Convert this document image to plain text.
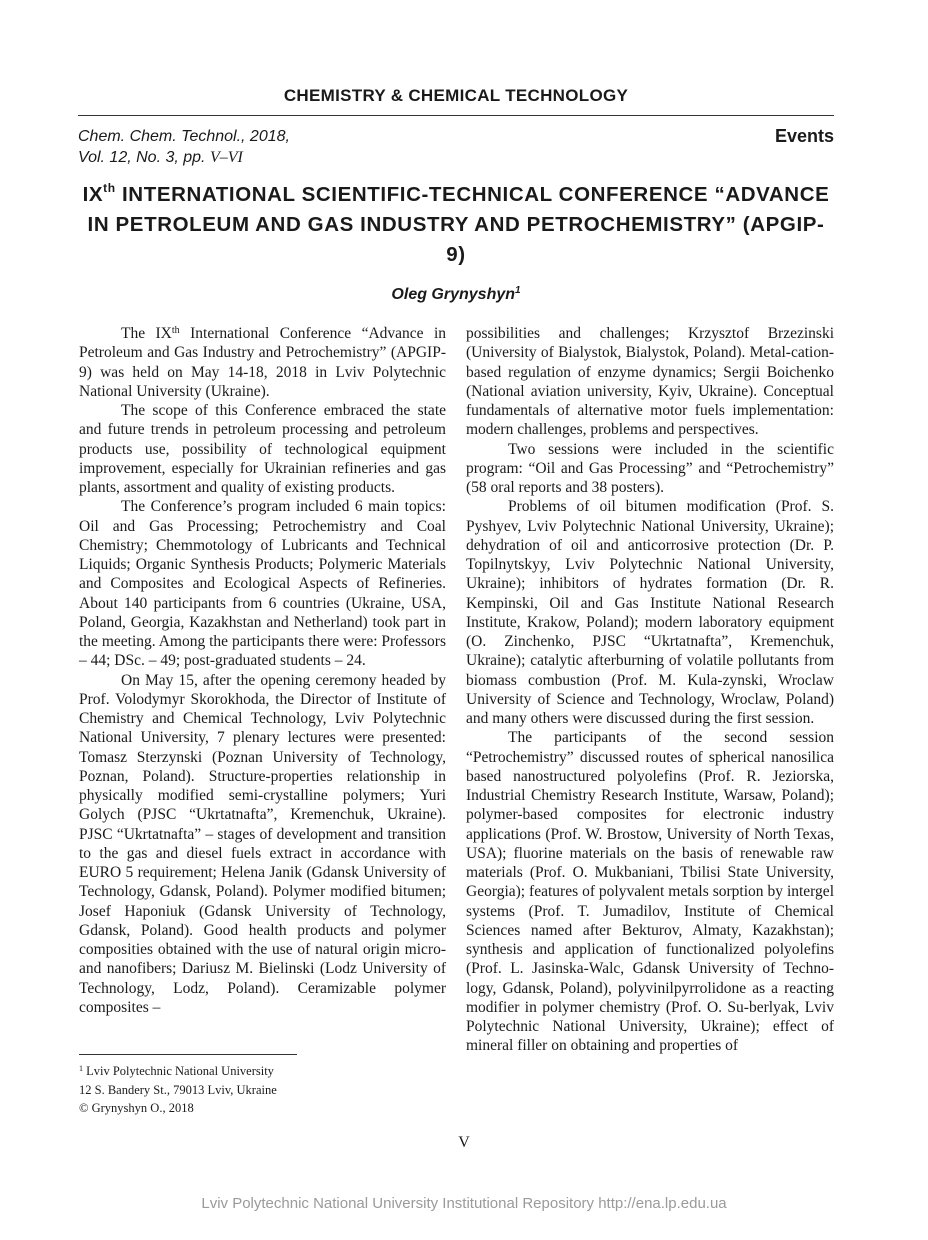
CHEMISTRY & CHEMICAL TECHNOLOGY
Chem. Chem. Technol., 2018,
Vol. 12, No. 3, pp. V–VI
Events
IXth INTERNATIONAL SCIENTIFIC-TECHNICAL CONFERENCE “ADVANCE IN PETROLEUM AND GAS INDUSTRY AND PETROCHEMISTRY” (APGIP-9)
Oleg Grynyshyn$^1$

The IXth International Conference “Advance in Petroleum and Gas Industry and Petrochemistry” (APGIP-9) was held on May 14-18, 2018 in Lviv Polytechnic National University (Ukraine).

The scope of this Conference embraced the state and future trends in petroleum processing and petroleum products use, possibility of technological equipment improvement, especially for Ukrainian refineries and gas plants, assortment and quality of existing products.

The Conference’s program included 6 main topics: Oil and Gas Processing; Petrochemistry and Coal Chemistry; Chemmotology of Lubricants and Technical Liquids; Organic Synthesis Products; Polymeric Materials and Composites and Ecological Aspects of Refineries. About 140 participants from 6 countries (Ukraine, USA, Poland, Georgia, Kazakhstan and Netherland) took part in the meeting. Among the participants there were: Professors – 44; DSc. – 49; post-graduated students – 24.

On May 15, after the opening ceremony headed by Prof. Volodymyr Skorokhoda, the Director of Institute of Chemistry and Chemical Technology, Lviv Polytechnic National University, 7 plenary lectures were presented: Tomasz Sterzynski (Poznan University of Technology, Poznan, Poland). Structure-properties relationship in physically modified semi-crystalline polymers; Yuri Golych (PJSC “Ukrtatnafta”, Kremenchuk, Ukraine). PJSC “Ukrtatnafta” – stages of development and transition to the gas and diesel fuels extract in accordance with EURO 5 requirement; Helena Janik (Gdansk University of Technology, Gdansk, Poland). Polymer modified bitumen; Josef Haponiuk (Gdansk University of Technology, Gdansk, Poland). Good health products and polymer composities obtained with the use of natural origin micro- and nanofibers; Dariusz M. Bielinski (Lodz University of Technology, Lodz, Poland). Ceramizable polymer composites –

possibilities and challenges; Krzysztof Brzezinski (University of Bialystok, Bialystok, Poland). Metal-cation-based regulation of enzyme dynamics; Sergii Boichenko (National aviation university, Kyiv, Ukraine). Conceptual fundamentals of alternative motor fuels implementation: modern challenges, problems and perspectives.

Two sessions were included in the scientific program: “Oil and Gas Processing” and “Petrochemistry” (58 oral reports and 38 posters).

Problems of oil bitumen modification (Prof. S. Pyshyev, Lviv Polytechnic National University, Ukraine); dehydration of oil and anticorrosive protection (Dr. P. Topilnytskyy, Lviv Polytechnic National University, Ukraine); inhibitors of hydrates formation (Dr. R. Kempinski, Oil and Gas Institute National Research Institute, Krakow, Poland); modern laboratory equipment (O. Zinchenko, PJSC “Ukrtatnafta”, Kremenchuk, Ukraine); catalytic afterburning of volatile pollutants from biomass combustion (Prof. M. Kula-zynski, Wroclaw University of Science and Technology, Wroclaw, Poland) and many others were discussed during the first session.

The participants of the second session “Petrochemistry” discussed routes of spherical nanosilica based nanostructured polyolefins (Prof. R. Jeziorska, Industrial Chemistry Research Institute, Warsaw, Poland); polymer-based composites for electronic industry applications (Prof. W. Brostow, University of North Texas, USA); fluorine materials on the basis of renewable raw materials (Prof. O. Mukbaniani, Tbilisi State University, Georgia); features of polyvalent metals sorption by intergel systems (Prof. T. Jumadilov, Institute of Chemical Sciences named after Bekturov, Almaty, Kazakhstan); synthesis and application of functionalized polyolefins (Prof. L. Jasinska-Walc, Gdansk University of Techno-logy, Gdansk, Poland), polyvinilpyrrolidone as a reacting modifier in polymer chemistry (Prof. O. Su-berlyak, Lviv Polytechnic National University, Ukraine); effect of mineral filler on obtaining and properties of

$^1$ Lviv Polytechnic National University
12 S. Bandery St., 79013 Lviv, Ukraine
© Grynyshyn O., 2018
V
Lviv Polytechnic National University Institutional Repository http://ena.lp.edu.ua
